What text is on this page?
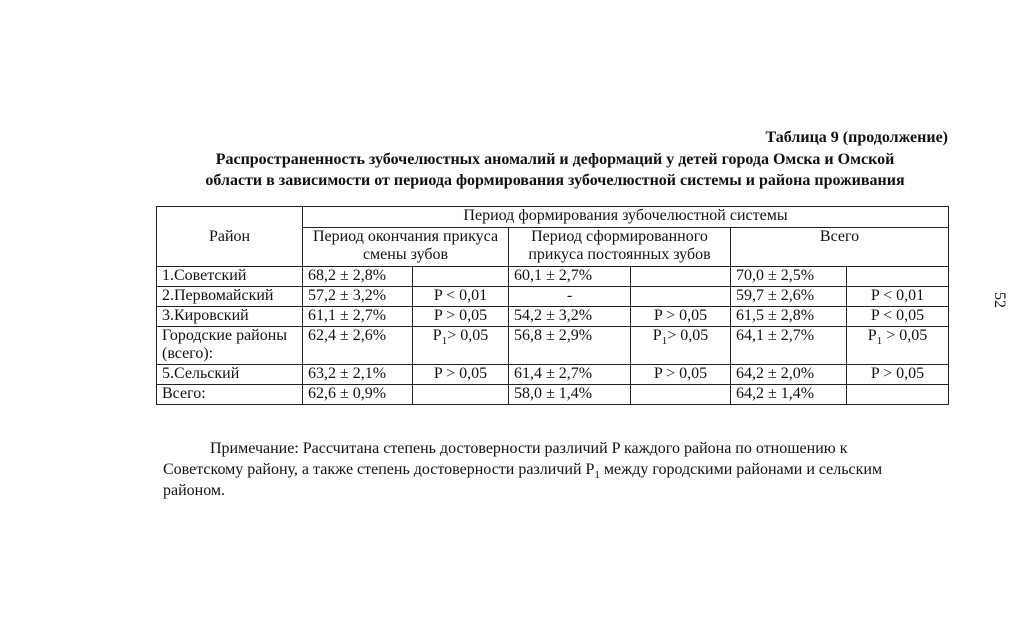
Таблица 9 (продолжение)
Распространенность зубочелюстных аномалий и деформаций у детей города Омска и Омской
области в зависимости от периода формирования зубочелюстной системы и района проживания
Район	Период формирования зубочелюстной системы					
	Период окончания прикуса смены зубов		Период сформированного прикуса постоянных зубов		Всего	
1.Советский	68,2 ± 2,8%		60,1 ± 2,7%		70,0 ± 2,5%	
2.Первомайский	57,2 ± 3,2%	P < 0,01	-		59,7 ± 2,6%	P < 0,01
3.Кировский	61,1 ± 2,7%	P > 0,05	54,2 ± 3,2%	P > 0,05	61,5 ± 2,8%	P < 0,05
Городские районы (всего):	62,4 ± 2,6%	$P_1> 0,05$	56,8 ± 2,9%	$P_1> 0,05$	64,1 ± 2,7%	$P_1 > 0,05$
5.Сельский	63,2 ± 2,1%	P > 0,05	61,4 ± 2,7%	P > 0,05	64,2 ± 2,0%	P > 0,05
Всего:	62,6 ± 0,9%		58,0 ± 1,4%		64,2 ± 1,4%	
Примечание: Рассчитана степень достоверности различий P каждого района по отношению к
Советскому району, а также степень достоверности различий $P_1$ между городскими районами и сельским
районом.
52
